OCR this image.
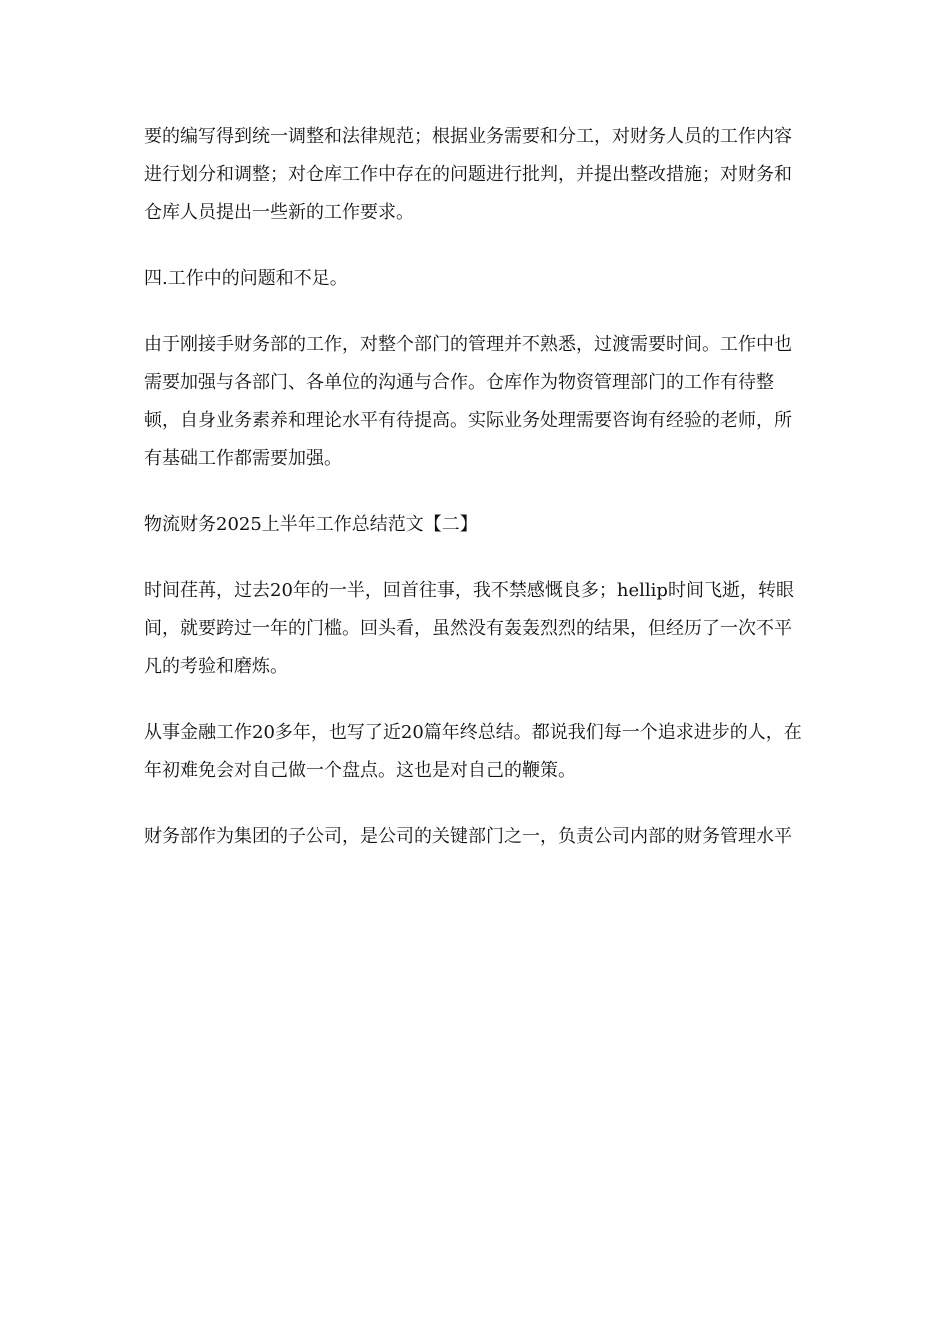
要的编写得到统一调整和法律规范；根据业务需要和分工，对财务人员的工作内容进行划分和调整；对仓库工作中存在的问题进行批判，并提出整改措施；对财务和仓库人员提出一些新的工作要求。

四.工作中的问题和不足。

由于刚接手财务部的工作，对整个部门的管理并不熟悉，过渡需要时间。工作中也需要加强与各部门、各单位的沟通与合作。仓库作为物资管理部门的工作有待整顿，自身业务素养和理论水平有待提高。实际业务处理需要咨询有经验的老师，所有基础工作都需要加强。

物流财务2025上半年工作总结范文【二】

时间荏苒，过去20年的一半，回首往事，我不禁感慨良多；hellip时间飞逝，转眼间，就要跨过一年的门槛。回头看，虽然没有轰轰烈烈的结果，但经历了一次不平凡的考验和磨炼。

从事金融工作20多年，也写了近20篇年终总结。都说我们每一个追求进步的人，在年初难免会对自己做一个盘点。这也是对自己的鞭策。

财务部作为集团的子公司，是公司的关键部门之一，负责公司内部的财务管理水平
